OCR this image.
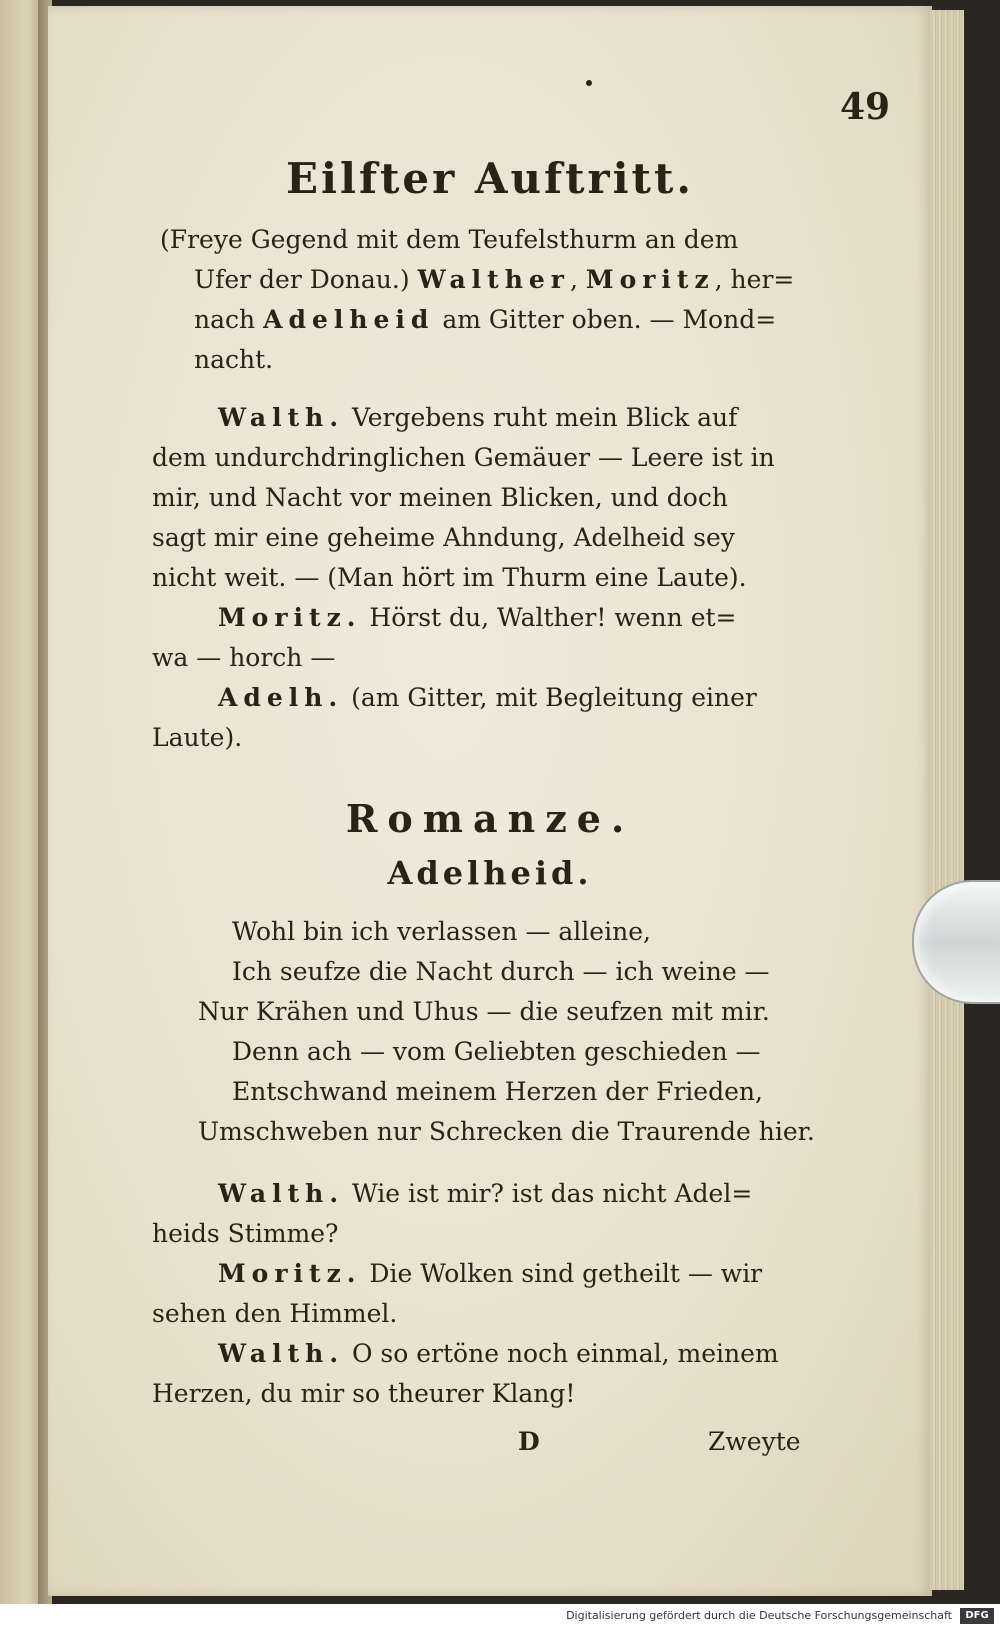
49
Eilfter Auftritt.
(Freye Gegend mit dem Teufelsthurm an dem
Ufer der Donau.) Walther, Moritz, her=
nach Adelheid am Gitter oben. — Mond=
nacht.
Walth. Vergebens ruht mein Blick auf
dem undurchdringlichen Gemäuer — Leere ist in
mir, und Nacht vor meinen Blicken, und doch
sagt mir eine geheime Ahndung, Adelheid sey
nicht weit. — (Man hört im Thurm eine Laute).
Moritz. Hörst du, Walther! wenn et=
wa — horch —
Adelh. (am Gitter, mit Begleitung einer
Laute).
Romanze.
Adelheid.
Wohl bin ich verlassen — alleine,
Ich seufze die Nacht durch — ich weine —
Nur Krähen und Uhus — die seufzen mit mir.
Denn ach — vom Geliebten geschieden —
Entschwand meinem Herzen der Frieden,
Umschweben nur Schrecken die Traurende hier.
Walth. Wie ist mir? ist das nicht Adel=
heids Stimme?
Moritz. Die Wolken sind getheilt — wir
sehen den Himmel.
Walth. O so ertöne noch einmal, meinem
Herzen, du mir so theurer Klang!
D	Zweyte
Digitalisierung gefördert durch die Deutsche Forschungsgemeinschaft	DFG
